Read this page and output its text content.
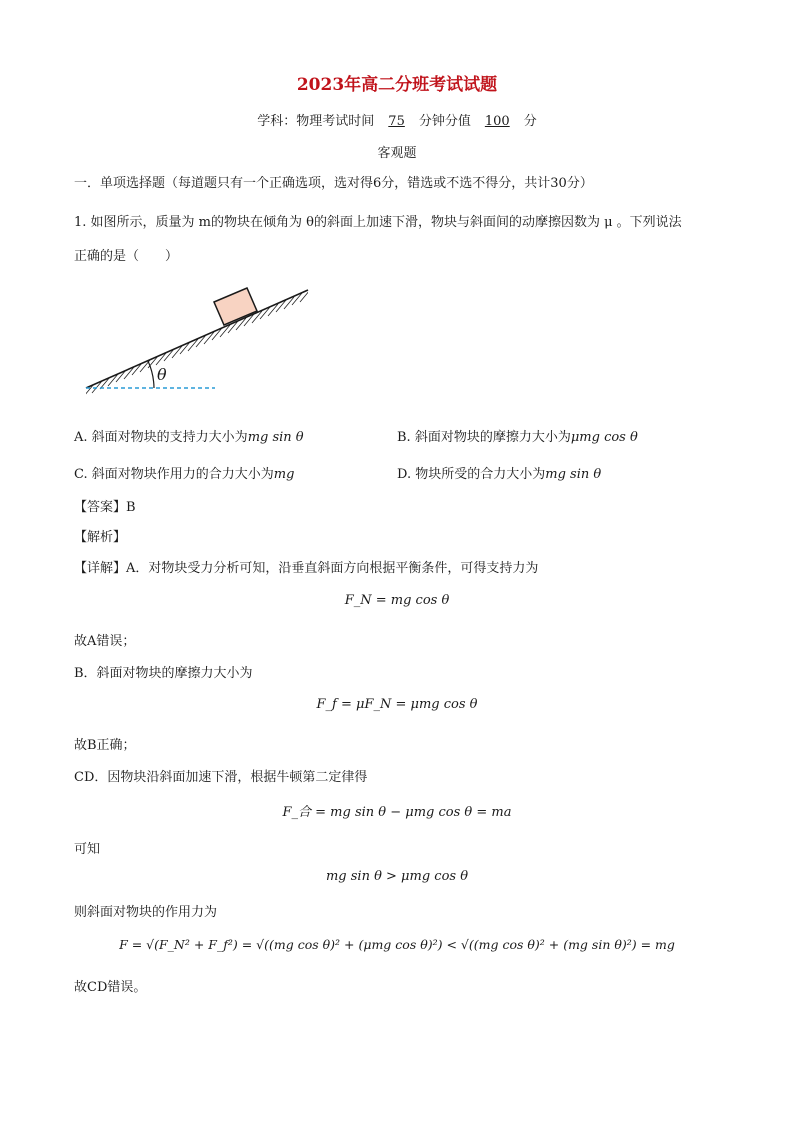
2023年高二分班考试试题
学科：物理考试时间 75 分钟分值 100 分
客观题
一．单项选择题（每道题只有一个正确选项，选对得6分，错选或不选不得分，共计30分）
1. 如图所示，质量为 m的物块在倾角为 θ的斜面上加速下滑，物块与斜面间的动摩擦因数为 μ 。下列说法
正确的是（　　）
θ
A. 斜面对物块的支持力大小为mg sin θ	B. 斜面对物块的摩擦力大小为μmg cos θ
C. 斜面对物块作用力的合力大小为mg	D. 物块所受的合力大小为mg sin θ
【答案】B
【解析】
【详解】A．对物块受力分析可知，沿垂直斜面方向根据平衡条件，可得支持力为
F_N = mg cos θ
故A错误；
B．斜面对物块的摩擦力大小为
F_f = μF_N = μmg cos θ
故B正确；
CD．因物块沿斜面加速下滑，根据牛顿第二定律得
F_合 = mg sin θ − μmg cos θ = ma
可知
mg sin θ > μmg cos θ
则斜面对物块的作用力为
F = √(F_N² + F_f²) = √((mg cos θ)² + (μmg cos θ)²) < √((mg cos θ)² + (mg sin θ)²) = mg
故CD错误。
